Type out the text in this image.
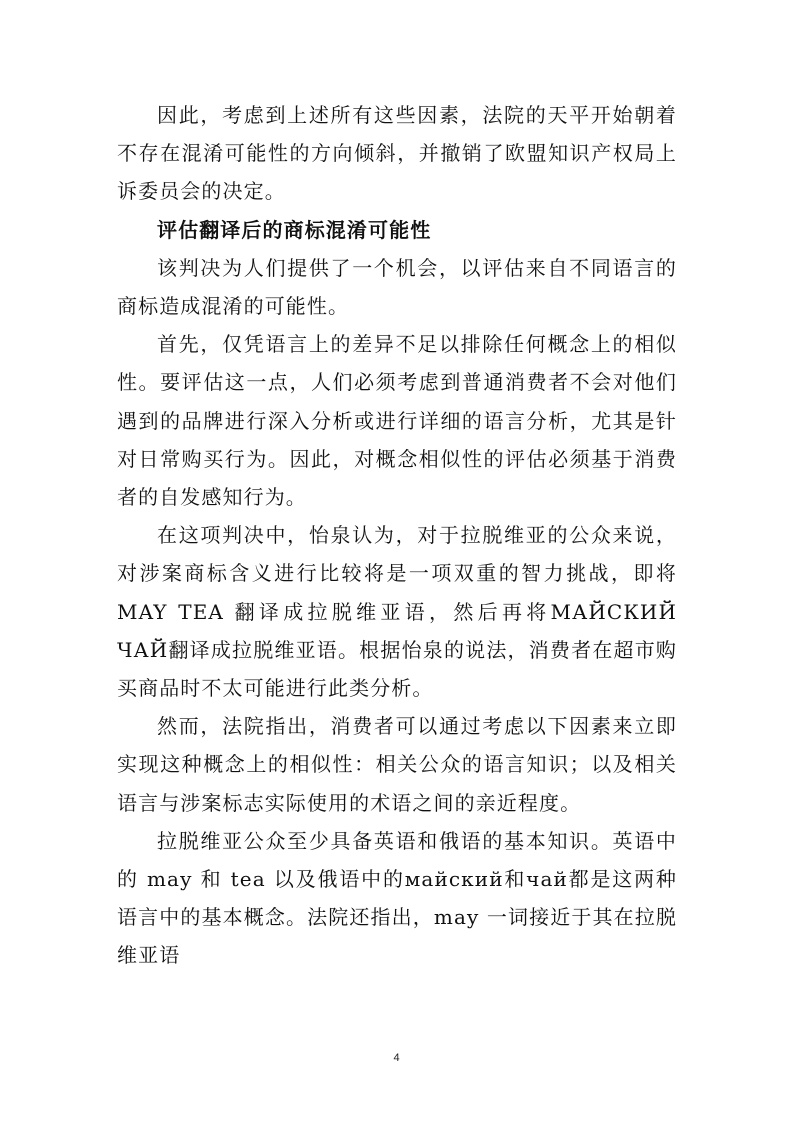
因此，考虑到上述所有这些因素，法院的天平开始朝着不存在混淆可能性的方向倾斜，并撤销了欧盟知识产权局上诉委员会的决定。

评估翻译后的商标混淆可能性

该判决为人们提供了一个机会，以评估来自不同语言的商标造成混淆的可能性。

首先，仅凭语言上的差异不足以排除任何概念上的相似性。要评估这一点，人们必须考虑到普通消费者不会对他们遇到的品牌进行深入分析或进行详细的语言分析，尤其是针对日常购买行为。因此，对概念相似性的评估必须基于消费者的自发感知行为。

在这项判决中，怡泉认为，对于拉脱维亚的公众来说，对涉案商标含义进行比较将是一项双重的智力挑战，即将 MAY TEA 翻译成拉脱维亚语，然后再将МАЙСКИЙ ЧАЙ翻译成拉脱维亚语。根据怡泉的说法，消费者在超市购买商品时不太可能进行此类分析。

然而，法院指出，消费者可以通过考虑以下因素来立即实现这种概念上的相似性：相关公众的语言知识；以及相关语言与涉案标志实际使用的术语之间的亲近程度。

拉脱维亚公众至少具备英语和俄语的基本知识。英语中的 may 和 tea 以及俄语中的майский和чай都是这两种语言中的基本概念。法院还指出，may 一词接近于其在拉脱维亚语

4
